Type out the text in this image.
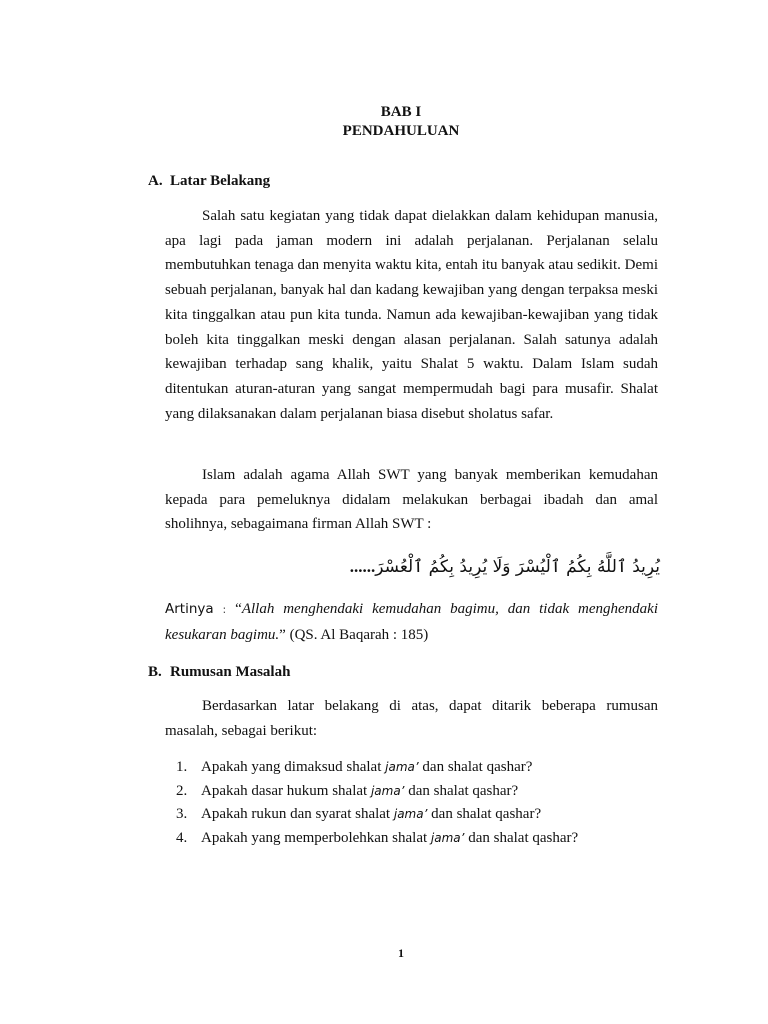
BAB I
PENDAHULUAN
A. Latar Belakang

Salah satu kegiatan yang tidak dapat dielakkan dalam kehidupan manusia, apa lagi pada jaman modern ini adalah perjalanan. Perjalanan selalu membutuhkan tenaga dan menyita waktu kita, entah itu banyak atau sedikit. Demi sebuah perjalanan, banyak hal dan kadang kewajiban yang dengan terpaksa meski kita tinggalkan atau pun kita tunda. Namun ada kewajiban-kewajiban yang tidak boleh kita tinggalkan meski dengan alasan perjalanan. Salah satunya adalah kewajiban terhadap sang khalik, yaitu Shalat 5 waktu. Dalam Islam sudah ditentukan aturan-aturan yang sangat mempermudah bagi para musafir. Shalat yang dilaksanakan dalam perjalanan biasa disebut sholatus safar.

Islam adalah agama Allah SWT yang banyak memberikan kemudahan kepada para pemeluknya didalam melakukan berbagai ibadah dan amal sholihnya, sebagaimana firman Allah SWT :

يُرِيدُ ٱللَّهُ بِكُمُ ٱلْيُسْرَ وَلَا يُرِيدُ بِكُمُ ٱلْعُسْرَ......

Artinya : “Allah menghendaki kemudahan bagimu, dan tidak menghendaki kesukaran bagimu.” (QS. Al Baqarah : 185)

B. Rumusan Masalah

Berdasarkan latar belakang di atas, dapat ditarik beberapa rumusan masalah, sebagai berikut:

1. Apakah yang dimaksud shalat jama’ dan shalat qashar?
2. Apakah dasar hukum shalat jama’ dan shalat qashar?
3. Apakah rukun dan syarat shalat jama’ dan shalat qashar?
4. Apakah yang memperbolehkan shalat jama’ dan shalat qashar?
1
